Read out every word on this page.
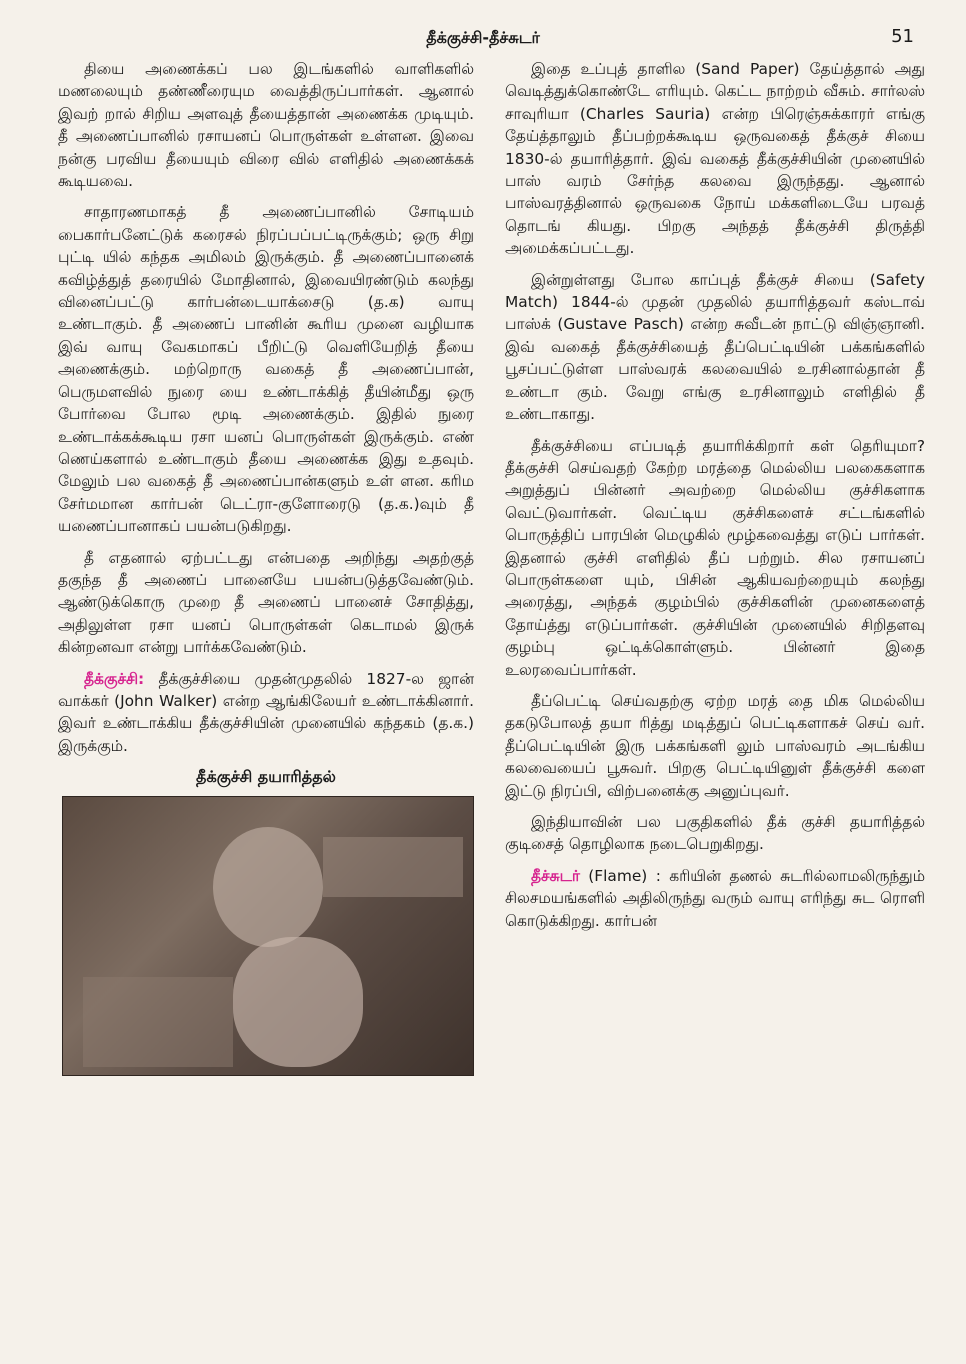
தீக்குச்சி-தீச்சுடர்	51

தியை அணைக்கப் பல இடங்களில் வாளிகளில் மணலையும் தண்ணீரையும வைத்திருப்பார்கள். ஆனால் இவற் றால் சிறிய அளவுத் தீயைத்தான் அணைக்க முடியும். தீ அணைப்பானில் ரசாயனப் பொருள்கள் உள்ளன. இவை நன்கு பரவிய தீயையும் விரை வில் எளிதில் அணைக்கக் கூடியவை.

சாதாரணமாகத் தீ அணைப்பானில் சோடியம் பைகார்பனேட்டுக் கரைசல் நிரப்பப்பட்டிருக்கும்; ஒரு சிறு புட்டி யில் கந்தக அமிலம் இருக்கும். தீ அணைப்பானைக் கவிழ்த்துத் தரையில் மோதினால், இவையிரண்டும் கலந்து வினைப்பட்டு கார்பன்டையாக்சைடு (த.க) வாயு உண்டாகும். தீ அணைப் பானின் கூரிய முனை வழியாக இவ் வாயு வேகமாகப் பீறிட்டு வெளியேறித் தீயை அணைக்கும். மற்றொரு வகைத் தீ அணைப்பான், பெருமளவில் நுரை யை உண்டாக்கித் தீயின்மீது ஒரு போர்வை போல மூடி அணைக்கும். இதில் நுரை உண்டாக்கக்கூடிய ரசா யனப் பொருள்கள் இருக்கும். எண் ணெய்களால் உண்டாகும் தீயை அணைக்க இது உதவும். மேலும் பல வகைத் தீ அணைப்பான்களும் உள் ளன. கரிம சேர்மமான கார்பன் டெட்ரா-குளோரைடு (த.க.)வும் தீ யணைப்பானாகப் பயன்படுகிறது.

தீ எதனால் ஏற்பட்டது என்பதை அறிந்து அதற்குத் தகுந்த தீ அணைப் பானையே பயன்படுத்தவேண்டும். ஆண்டுக்கொரு முறை தீ அணைப் பானைச் சோதித்து, அதிலுள்ள ரசா யனப் பொருள்கள் கெடாமல் இருக் கின்றனவா என்று பார்க்கவேண்டும்.

தீக்குச்சி: தீக்குச்சியை முதன்முதலில் 1827-ல ஜான் வாக்கர் (John Walker) என்ற ஆங்கிலேயர் உண்டாக்கினார். இவர் உண்டாக்கிய தீக்குச்சியின் முனையில் கந்தகம் (த.க.) இருக்கும்.

தீக்குச்சி தயாரித்தல்

இதை உப்புத் தாளில (Sand Paper) தேய்த்தால் அது வெடித்துக்கொண்டே எரியும். கெட்ட நாற்றம் வீசும். சார்லஸ் சாவுரியா (Charles Sauria) என்ற பிரெஞ்சுக்காரர் எங்கு தேய்த்தாலும் தீப்பற்றக்கூடிய ஒருவகைத் தீக்குச் சியை 1830-ல் தயாரித்தார். இவ் வகைத் தீக்குச்சியின் முனையில் பாஸ் வரம் சேர்ந்த கலவை இருந்தது. ஆனால் பாஸ்வரத்தினால் ஒருவகை நோய் மக்களிடையே பரவத் தொடங் கியது. பிறகு அந்தத் தீக்குச்சி திருத்தி அமைக்கப்பட்டது.

இன்றுள்ளது போல காப்புத் தீக்குச் சியை (Safety Match) 1844-ல் முதன் முதலில் தயாரித்தவர் கஸ்டாவ் பாஸ்க் (Gustave Pasch) என்ற சுவீடன் நாட்டு விஞ்ஞானி. இவ் வகைத் தீக்குச்சியைத் தீப்பெட்டியின் பக்கங்களில் பூசப்பட்டுள்ள பாஸ்வரக் கலவையில் உரசினால்தான் தீ உண்டா கும். வேறு எங்கு உரசினாலும் எளிதில் தீ உண்டாகாது.

தீக்குச்சியை எப்படித் தயாரிக்கிறார் கள் தெரியுமா? தீக்குச்சி செய்வதற் கேற்ற மரத்தை மெல்லிய பலகைகளாக அறுத்துப் பின்னர் அவற்றை மெல்லிய குச்சிகளாக வெட்டுவார்கள். வெட்டிய குச்சிகளைச் சட்டங்களில் பொருத்திப் பாரபின் மெழுகில் மூழ்கவைத்து எடுப் பார்கள். இதனால் குச்சி எளிதில் தீப் பற்றும். சில ரசாயனப் பொருள்களை யும், பிசின் ஆகியவற்றையும் கலந்து அரைத்து, அந்தக் குழம்பில் குச்சிகளின் முனைகளைத் தோய்த்து எடுப்பார்கள். குச்சியின் முனையில் சிறிதளவு குழம்பு ஒட்டிக்கொள்ளும். பின்னர் இதை உலரவைப்பார்கள்.

தீப்பெட்டி செய்வதற்கு ஏற்ற மரத் தை மிக மெல்லிய தகடுபோலத் தயா ரித்து மடித்துப் பெட்டிகளாகச் செய் வர். தீப்பெட்டியின் இரு பக்கங்களி லும் பாஸ்வரம் அடங்கிய கலவையைப் பூசுவர். பிறகு பெட்டியினுள் தீக்குச்சி களை இட்டு நிரப்பி, விற்பனைக்கு அனுப்புவர்.

இந்தியாவின் பல பகுதிகளில் தீக் குச்சி தயாரித்தல் குடிசைத் தொழிலாக நடைபெறுகிறது.

தீச்சுடர் (Flame) : கரியின் தணல் சுடரில்லாமலிருந்தும் சிலசமயங்களில் அதிலிருந்து வரும் வாயு எரிந்து சுட ரொளி கொடுக்கிறது. கார்பன்
